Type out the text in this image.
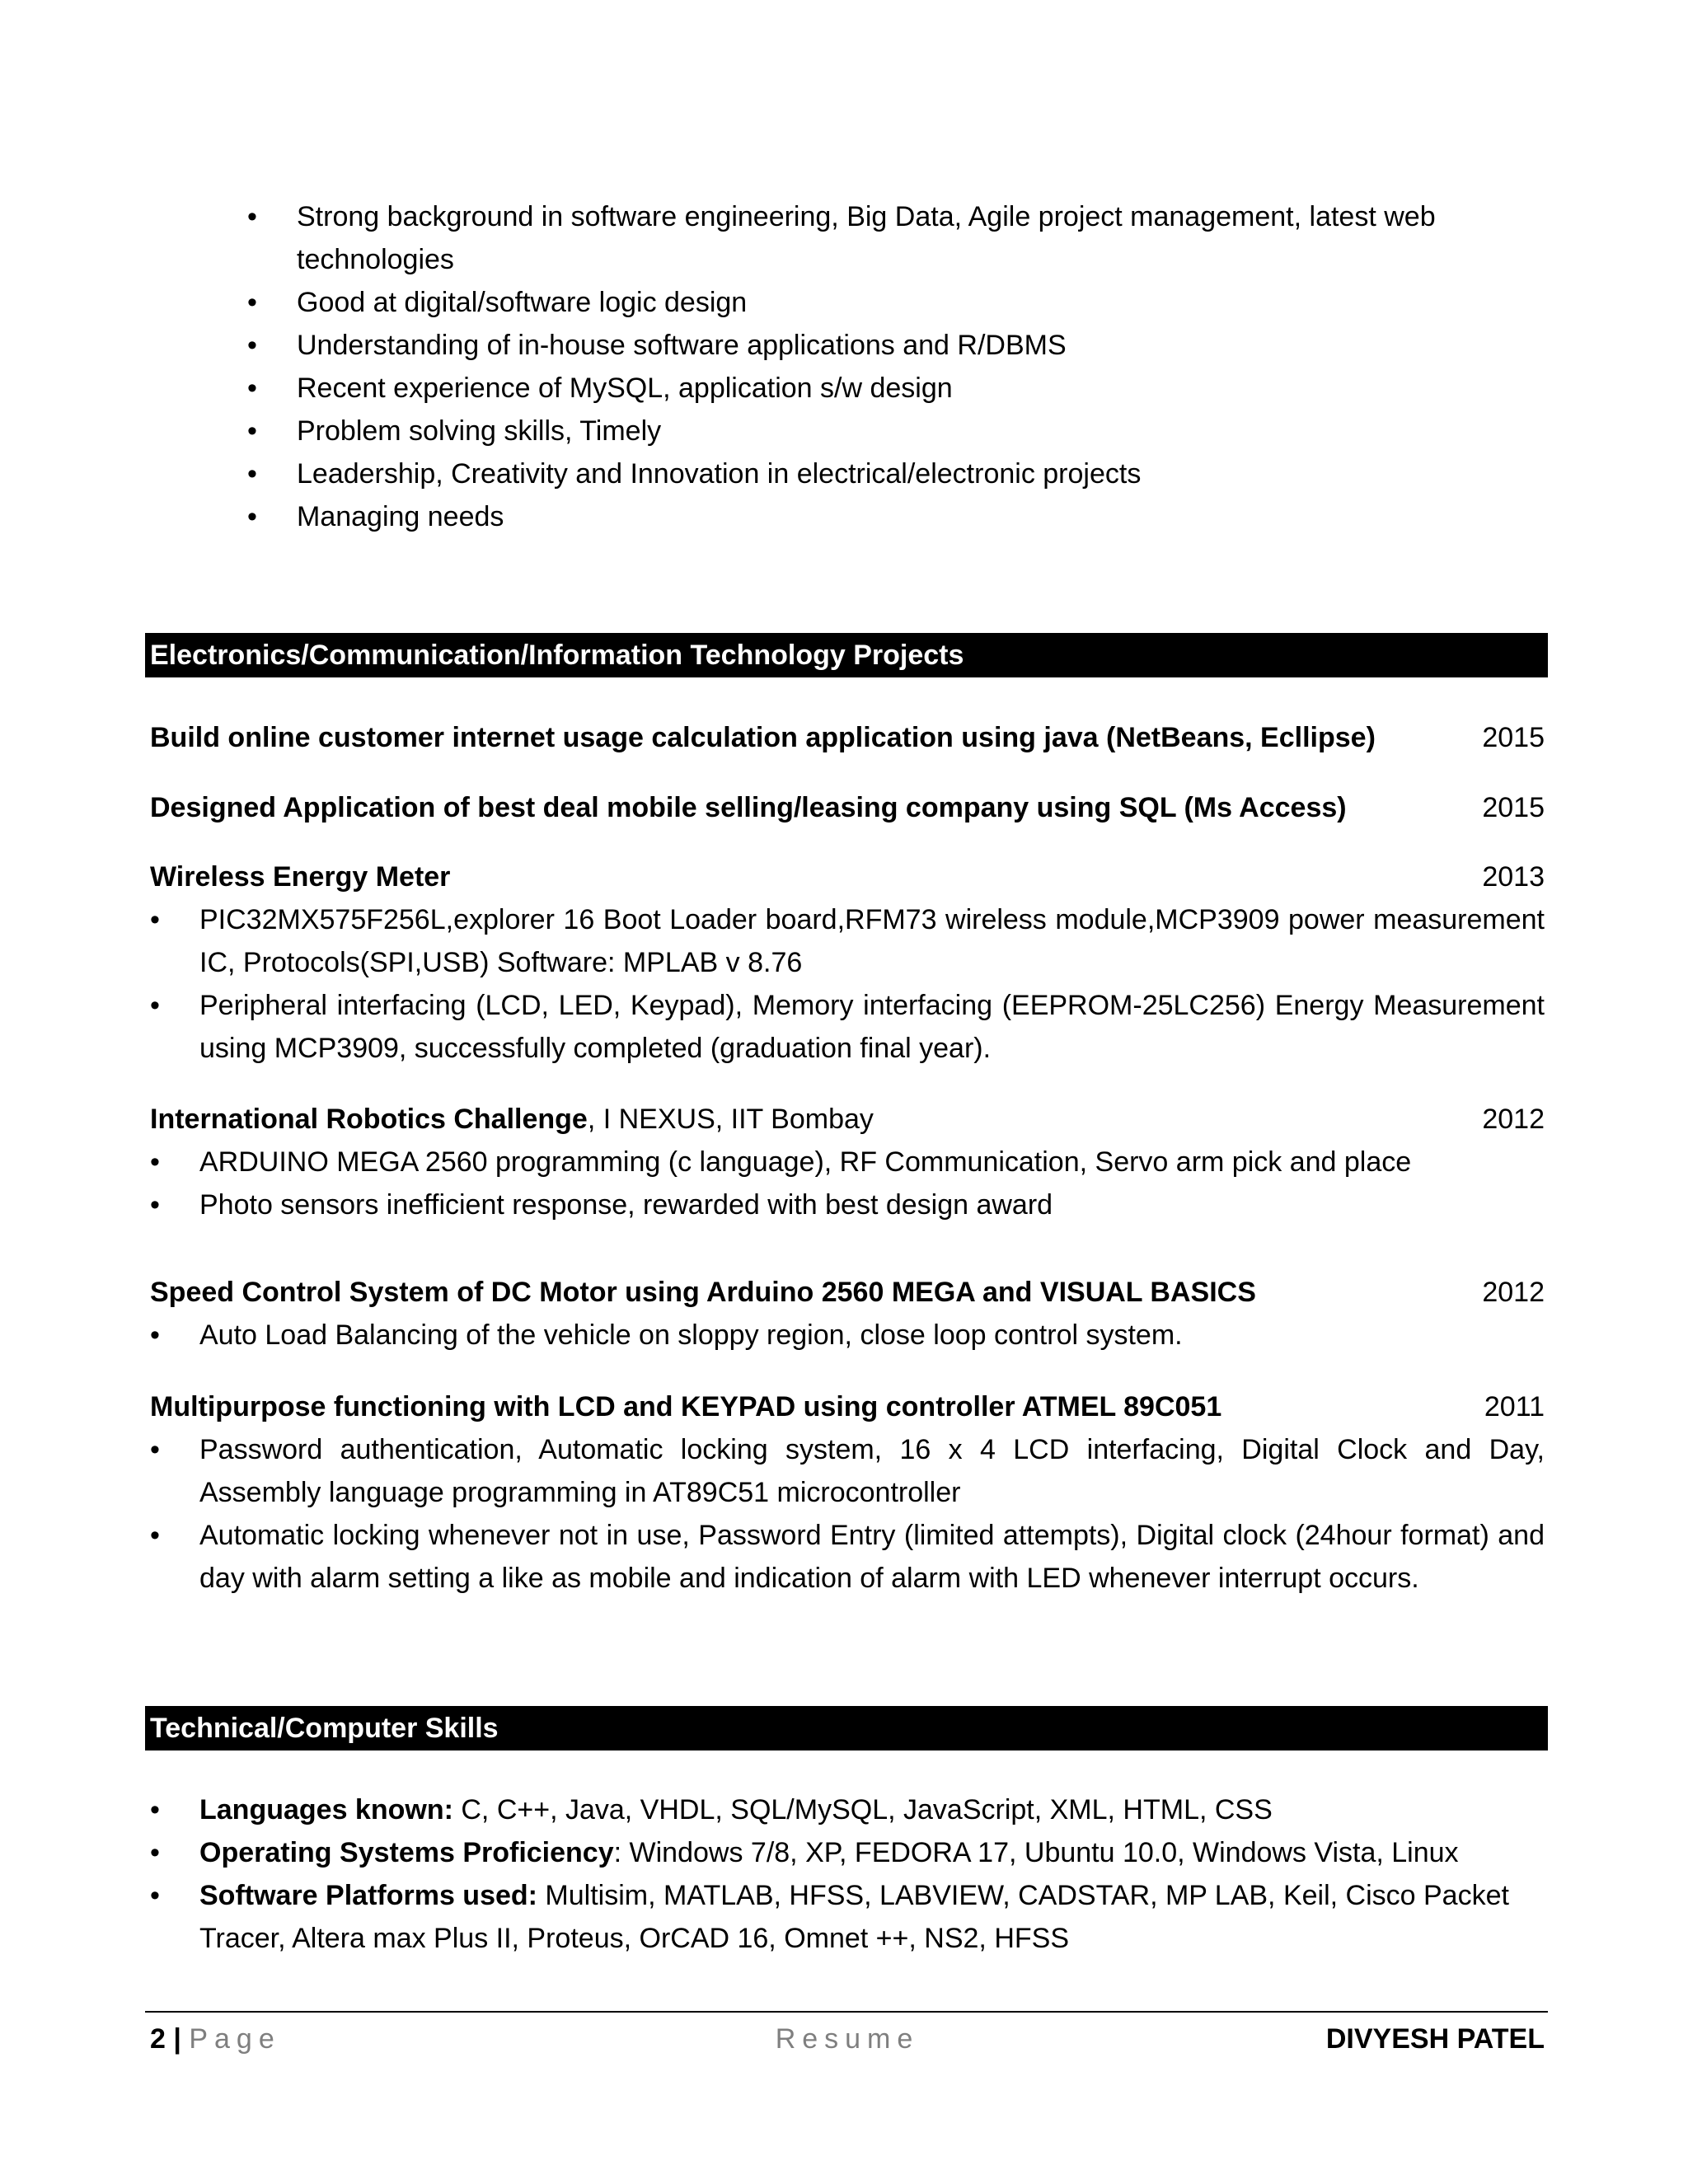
•	Strong background in software engineering, Big Data, Agile project management, latest web technologies
•	Good at digital/software logic design
•	Understanding of in-house software applications and R/DBMS
•	Recent experience of MySQL, application s/w design
•	Problem solving skills, Timely
•	Leadership, Creativity and Innovation in electrical/electronic projects
•	Managing needs
Electronics/Communication/Information Technology Projects
Build online customer internet usage calculation application using java (NetBeans, Ecllipse)	2015
Designed Application of best deal mobile selling/leasing company using SQL (Ms Access)	2015
Wireless Energy Meter	2013
• PIC32MX575F256L,explorer 16 Boot Loader board,RFM73 wireless module,MCP3909 power measurement IC, Protocols(SPI,USB) Software: MPLAB v 8.76
• Peripheral interfacing (LCD, LED, Keypad), Memory interfacing (EEPROM-25LC256) Energy Measurement using MCP3909, successfully completed (graduation final year).
International Robotics Challenge, I NEXUS, IIT Bombay	2012
• ARDUINO MEGA 2560 programming (c language), RF Communication, Servo arm pick and place
• Photo sensors inefficient response, rewarded with best design award
Speed Control System of DC Motor using Arduino 2560 MEGA and VISUAL BASICS	2012
• Auto Load Balancing of the vehicle on sloppy region, close loop control system.
Multipurpose functioning with LCD and KEYPAD using controller ATMEL 89C051	2011
• Password authentication, Automatic locking system, 16 x 4 LCD interfacing, Digital Clock and Day, Assembly language programming in AT89C51 microcontroller
• Automatic locking whenever not in use, Password Entry (limited attempts), Digital clock (24hour format) and day with alarm setting a like as mobile and indication of alarm with LED whenever interrupt occurs.
Technical/Computer Skills
• Languages known: C, C++, Java, VHDL, SQL/MySQL, JavaScript, XML, HTML, CSS
• Operating Systems Proficiency: Windows 7/8, XP, FEDORA 17, Ubuntu 10.0, Windows Vista, Linux
• Software Platforms used: Multisim, MATLAB, HFSS, LABVIEW, CADSTAR, MP LAB, Keil, Cisco Packet Tracer, Altera max Plus II, Proteus, OrCAD 16, Omnet ++, NS2, HFSS
Resume
2 | Page	DIVYESH PATEL
